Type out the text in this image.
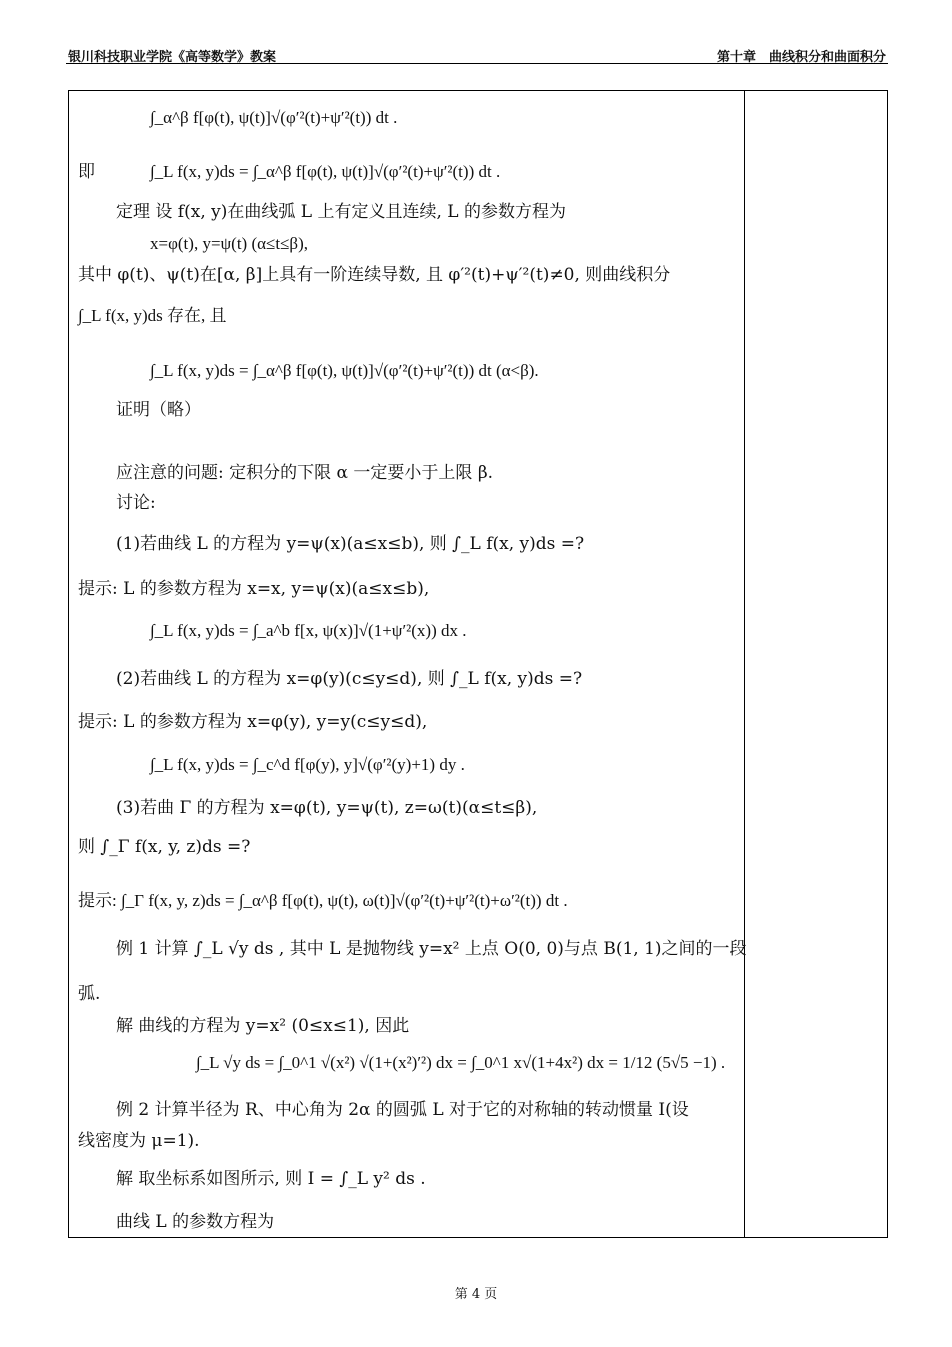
银川科技职业学院《高等数学》教案	第十章　曲线积分和曲面积分
∫_α^β f[φ(t), ψ(t)]√(φ′²(t)+ψ′²(t)) dt .
即	∫_L f(x, y)ds = ∫_α^β f[φ(t), ψ(t)]√(φ′²(t)+ψ′²(t)) dt .
定理 设 f(x, y)在曲线弧 L 上有定义且连续, L 的参数方程为
x=φ(t), y=ψ(t) (α≤t≤β),
其中 φ(t)、ψ(t)在[α, β]上具有一阶连续导数, 且 φ′²(t)+ψ′²(t)≠0, 则曲线积分
∫_L f(x, y)ds 存在, 且
∫_L f(x, y)ds = ∫_α^β f[φ(t), ψ(t)]√(φ′²(t)+ψ′²(t)) dt (α<β).
证明（略）
应注意的问题: 定积分的下限 α 一定要小于上限 β.
讨论:
(1)若曲线 L 的方程为 y=ψ(x)(a≤x≤b), 则 ∫_L f(x, y)ds =?
提示: L 的参数方程为 x=x, y=ψ(x)(a≤x≤b),
∫_L f(x, y)ds = ∫_a^b f[x, ψ(x)]√(1+ψ′²(x)) dx .
(2)若曲线 L 的方程为 x=φ(y)(c≤y≤d), 则 ∫_L f(x, y)ds =?
提示: L 的参数方程为 x=φ(y), y=y(c≤y≤d),
∫_L f(x, y)ds = ∫_c^d f[φ(y), y]√(φ′²(y)+1) dy .
(3)若曲 Γ 的方程为 x=φ(t), y=ψ(t), z=ω(t)(α≤t≤β),
则 ∫_Γ f(x, y, z)ds =?
提示: ∫_Γ f(x, y, z)ds = ∫_α^β f[φ(t), ψ(t), ω(t)]√(φ′²(t)+ψ′²(t)+ω′²(t)) dt .
例 1 计算 ∫_L √y ds , 其中 L 是抛物线 y=x² 上点 O(0, 0)与点 B(1, 1)之间的一段
弧.
解 曲线的方程为 y=x² (0≤x≤1), 因此
∫_L √y ds = ∫_0^1 √(x²) √(1+(x²)′²) dx = ∫_0^1 x√(1+4x²) dx = 1/12 (5√5 −1) .
例 2 计算半径为 R、中心角为 2α 的圆弧 L 对于它的对称轴的转动惯量 I(设
线密度为 μ=1).
解 取坐标系如图所示, 则 I = ∫_L y² ds .
曲线 L 的参数方程为
第 4 页
